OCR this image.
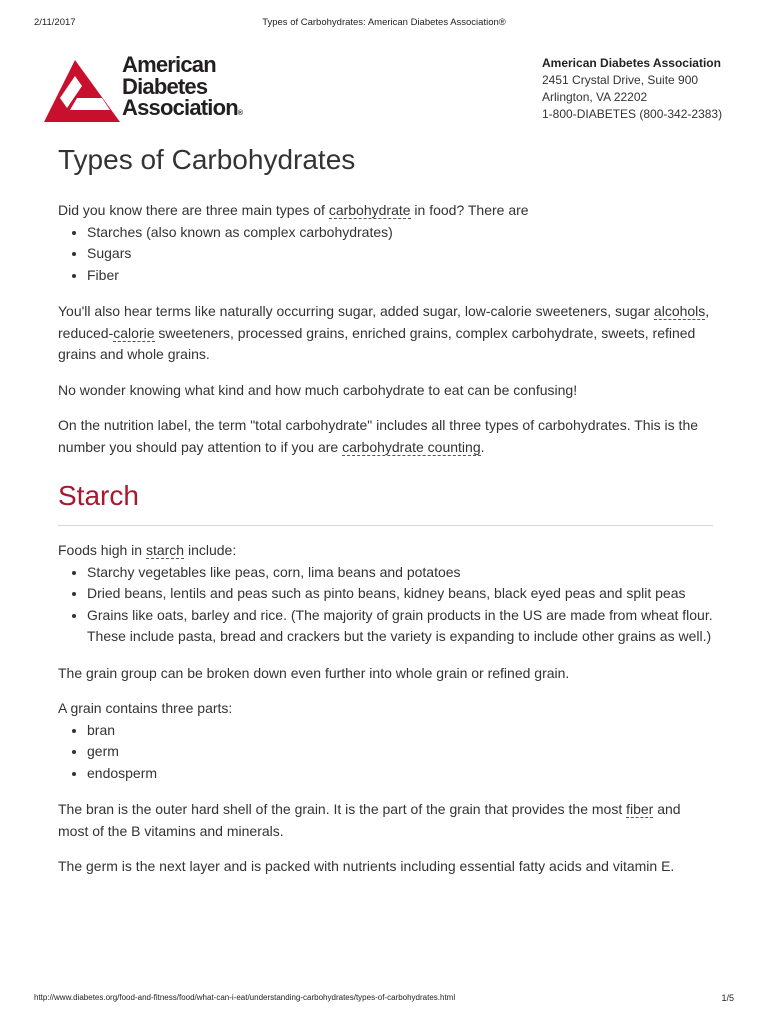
2/11/2017	Types of Carbohydrates: American Diabetes Association®
American
Diabetes
Association®
American Diabetes Association
2451 Crystal Drive, Suite 900
Arlington, VA 22202
1-800-DIABETES (800-342-2383)
Types of Carbohydrates

Did you know there are three main types of carbohydrate in food? There are

• Starches (also known as complex carbohydrates)
• Sugars
• Fiber

You'll also hear terms like naturally occurring sugar, added sugar, low-calorie sweeteners, sugar alcohols, reduced-calorie sweeteners, processed grains, enriched grains, complex carbohydrate, sweets, refined grains and whole grains.

No wonder knowing what kind and how much carbohydrate to eat can be confusing!

On the nutrition label, the term "total carbohydrate" includes all three types of carbohydrates. This is the number you should pay attention to if you are carbohydrate counting.

Starch

Foods high in starch include:

• Starchy vegetables like peas, corn, lima beans and potatoes
• Dried beans, lentils and peas such as pinto beans, kidney beans, black eyed peas and split peas
• Grains like oats, barley and rice. (The majority of grain products in the US are made from wheat flour. These include pasta, bread and crackers but the variety is expanding to include other grains as well.)

The grain group can be broken down even further into whole grain or refined grain.

A grain contains three parts:

• bran
• germ
• endosperm

The bran is the outer hard shell of the grain. It is the part of the grain that provides the most fiber and most of the B vitamins and minerals.

The germ is the next layer and is packed with nutrients including essential fatty acids and vitamin E.

http://www.diabetes.org/food-and-fitness/food/what-can-i-eat/understanding-carbohydrates/types-of-carbohydrates.html	1/5
